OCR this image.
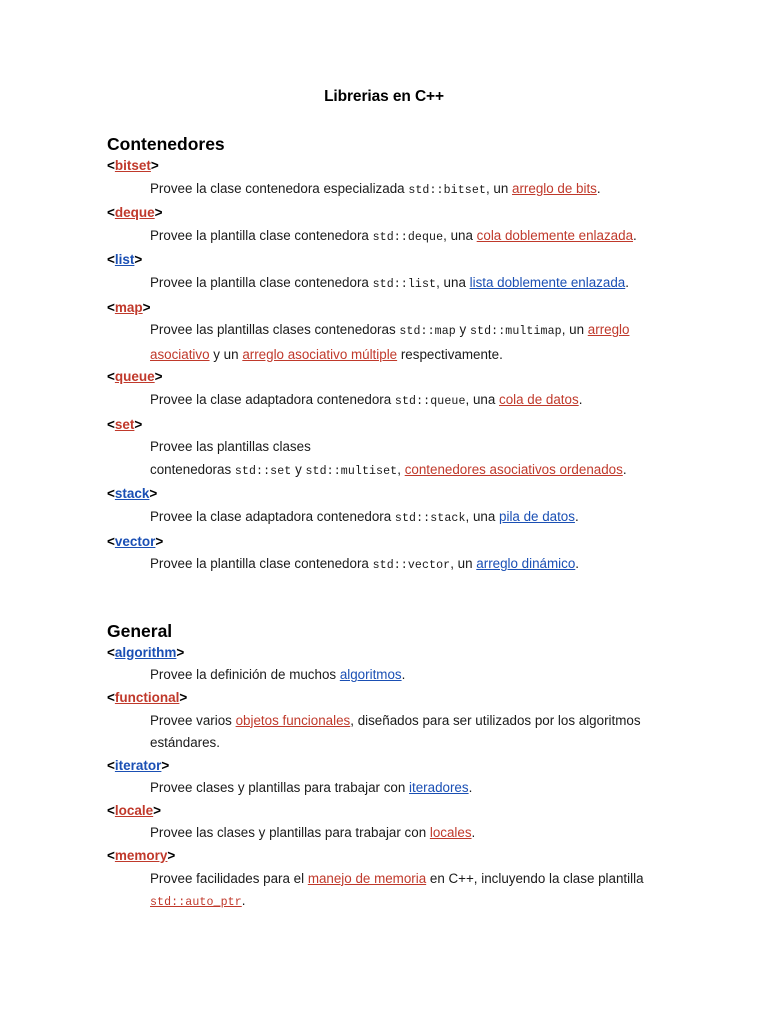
Librerias en C++
Contenedores
<bitset>
Provee la clase contenedora especializada std::bitset, un arreglo de bits.
<deque>
Provee la plantilla clase contenedora std::deque, una cola doblemente enlazada.
<list>
Provee la plantilla clase contenedora std::list, una lista doblemente enlazada.
<map>
Provee las plantillas clases contenedoras std::map y std::multimap, un arreglo asociativo y un arreglo asociativo múltiple respectivamente.
<queue>
Provee la clase adaptadora contenedora std::queue, una cola de datos.
<set>
Provee las plantillas clases
contenedoras std::set y std::multiset, contenedores asociativos ordenados.
<stack>
Provee la clase adaptadora contenedora std::stack, una pila de datos.
<vector>
Provee la plantilla clase contenedora std::vector, un arreglo dinámico.
General
<algorithm>
Provee la definición de muchos algoritmos.
<functional>
Provee varios objetos funcionales, diseñados para ser utilizados por los algoritmos estándares.
<iterator>
Provee clases y plantillas para trabajar con iteradores.
<locale>
Provee las clases y plantillas para trabajar con locales.
<memory>
Provee facilidades para el manejo de memoria en C++, incluyendo la clase plantilla std::auto_ptr.
